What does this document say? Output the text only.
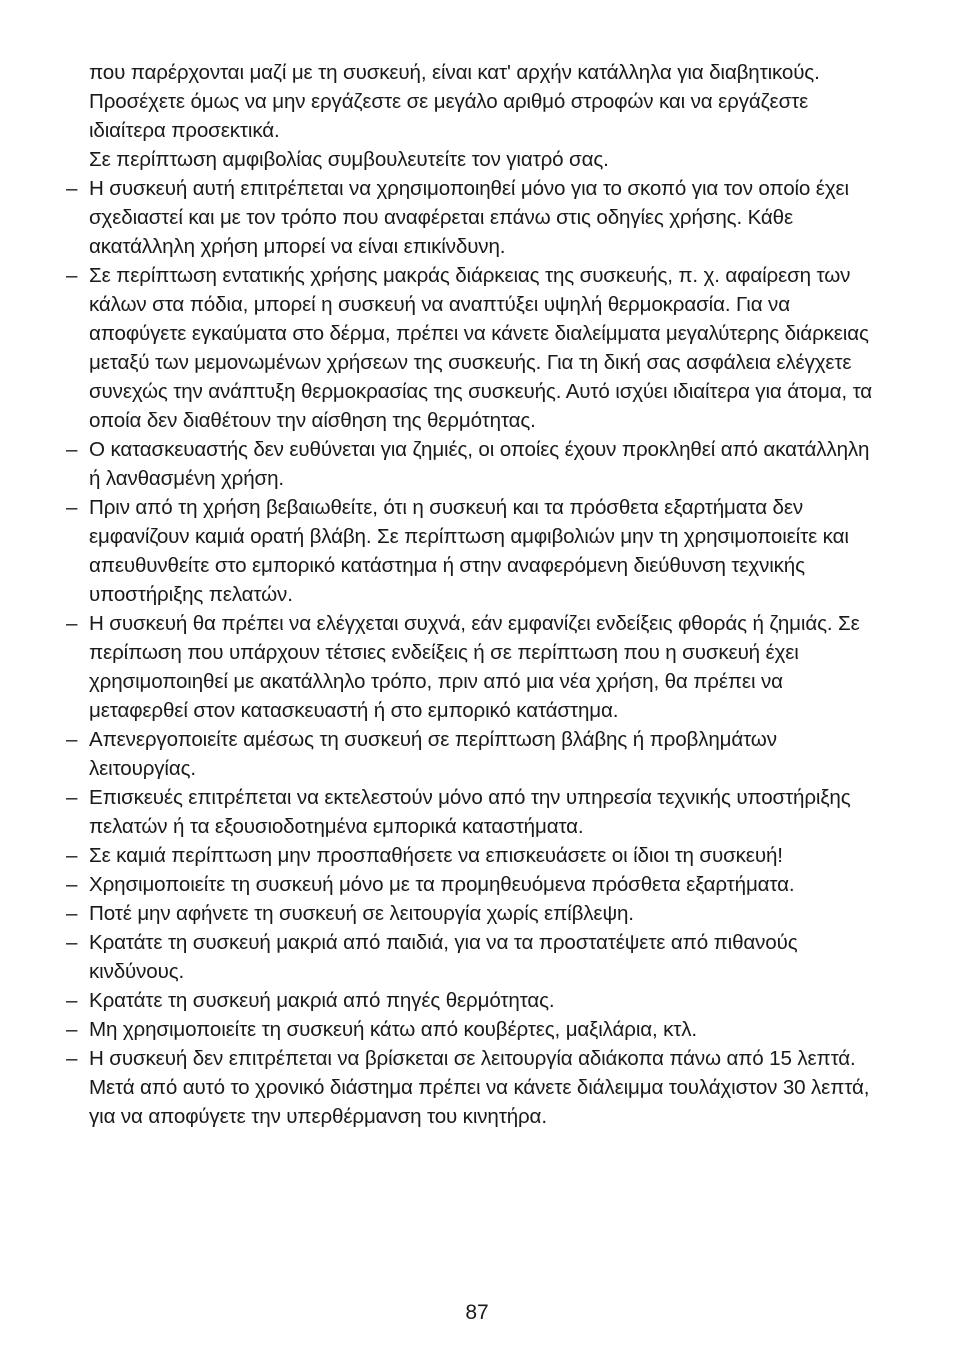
που παρέρχονται μαζί με τη συσκευή, είναι κατ' αρχήν κατάλληλα για διαβητικούς.

Προσέχετε όμως να μην εργάζεστε σε μεγάλο αριθμό στροφών και να εργάζεστε ιδιαίτερα προσεκτικά.

Σε περίπτωση αμφιβολίας συμβουλευτείτε τον γιατρό σας.

– Η συσκευή αυτή επιτρέπεται να χρησιμοποιηθεί μόνο για το σκοπό για τον οποίο έχει σχεδιαστεί και με τον τρόπο που αναφέρεται επάνω στις οδηγίες χρήσης. Κάθε ακατάλληλη χρήση μπορεί να είναι επικίνδυνη.
– Σε περίπτωση εντατικής χρήσης μακράς διάρκειας της συσκευής, π. χ. αφαίρεση των κάλων στα πόδια, μπορεί η συσκευή να αναπτύξει υψηλή θερμοκρασία. Για να αποφύγετε εγκαύματα στο δέρμα, πρέπει να κάνετε διαλείμματα μεγαλύτερης διάρκειας μεταξύ των μεμονωμένων χρήσεων της συσκευής. Για τη δική σας ασφάλεια ελέγχετε συνεχώς την ανάπτυξη θερμοκρασίας της συσκευής. Αυτό ισχύει ιδιαίτερα για άτομα, τα οποία δεν διαθέτουν την αίσθηση της θερμότητας.
– Ο κατασκευαστής δεν ευθύνεται για ζημιές, οι οποίες έχουν προκληθεί από ακατάλληλη ή λανθασμένη χρήση.
– Πριν από τη χρήση βεβαιωθείτε, ότι η συσκευή και τα πρόσθετα εξαρτήματα δεν εμφανίζουν καμιά ορατή βλάβη. Σε περίπτωση αμφιβολιών μην τη χρησιμοποιείτε και απευθυνθείτε στο εμπορικό κατάστημα ή στην αναφερόμενη διεύθυνση τεχνικής υποστήριξης πελατών.
– Η συσκευή θα πρέπει να ελέγχεται συχνά, εάν εμφανίζει ενδείξεις φθοράς ή ζημιάς. Σε περίπωση που υπάρχουν τέτσιες ενδείξεις ή σε περίπτωση που η συσκευή έχει χρησιμοποιηθεί με ακατάλληλο τρόπο, πριν από μια νέα χρήση, θα πρέπει να μεταφερθεί στον κατασκευαστή ή στο εμπορικό κατάστημα.
– Απενεργοποιείτε αμέσως τη συσκευή σε περίπτωση βλάβης ή προβλημάτων λειτουργίας.
– Επισκευές επιτρέπεται να εκτελεστούν μόνο από την υπηρεσία τεχνικής υποστήριξης πελατών ή τα εξουσιοδοτημένα εμπορικά καταστήματα.
– Σε καμιά περίπτωση μην προσπαθήσετε να επισκευάσετε οι ίδιοι τη συσκευή!
– Χρησιμοποιείτε τη συσκευή μόνο με τα προμηθευόμενα πρόσθετα εξαρτήματα.
– Ποτέ μην αφήνετε τη συσκευή σε λειτουργία χωρίς επίβλεψη.
– Κρατάτε τη συσκευή μακριά από παιδιά, για να τα προστατέψετε από πιθανούς κινδύνους.
– Κρατάτε τη συσκευή μακριά από πηγές θερμότητας.
– Μη χρησιμοποιείτε τη συσκευή κάτω από κουβέρτες, μαξιλάρια, κτλ.
– Η συσκευή δεν επιτρέπεται να βρίσκεται σε λειτουργία αδιάκοπα πάνω από 15 λεπτά. Μετά από αυτό το χρονικό διάστημα πρέπει να κάνετε διάλειμμα τουλάχιστον 30 λεπτά, για να αποφύγετε την υπερθέρμανση του κινητήρα.
87
